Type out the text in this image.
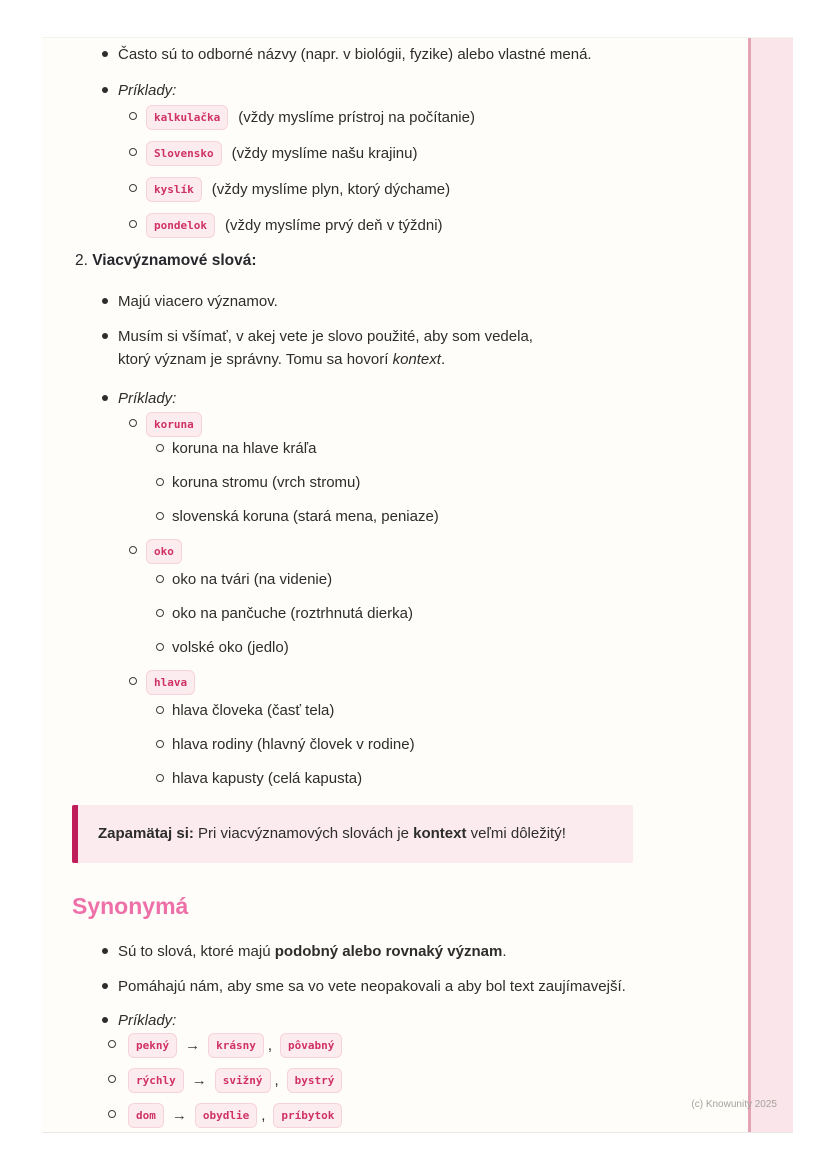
(c) Knowunity 2025
Často sú to odborné názvy (napr. v biológii, fyzike) alebo vlastné mená.
Príklady:
kalkulačka	(vždy myslíme prístroj na počítanie)
Slovensko	(vždy myslíme našu krajinu)
kyslík	(vždy myslíme plyn, ktorý dýchame)
pondelok	(vždy myslíme prvý deň v týždni)
2. Viacvýznamové slová:
Majú viacero významov.
Musím si všímať, v akej vete je slovo použité, aby som vedela, ktorý význam je správny. Tomu sa hovorí kontext.
Príklady:
koruna
koruna na hlave kráľa
koruna stromu (vrch stromu)
slovenská koruna (stará mena, peniaze)
oko
oko na tvári (na videnie)
oko na pančuche (roztrhnutá dierka)
volské oko (jedlo)
hlava
hlava človeka (časť tela)
hlava rodiny (hlavný človek v rodine)
hlava kapusty (celá kapusta)
Zapamätaj si: Pri viacvýznamových slovách je kontext veľmi dôležitý!
Synonymá
Sú to slová, ktoré majú podobný alebo rovnaký význam.
Pomáhajú nám, aby sme sa vo vete neopakovali a aby bol text zaujímavejší.
Príklady:
pekný	→	krásny ,	pôvabný
rýchly	→	svižný ,	bystrý
dom	→	obydlie ,	príbytok
